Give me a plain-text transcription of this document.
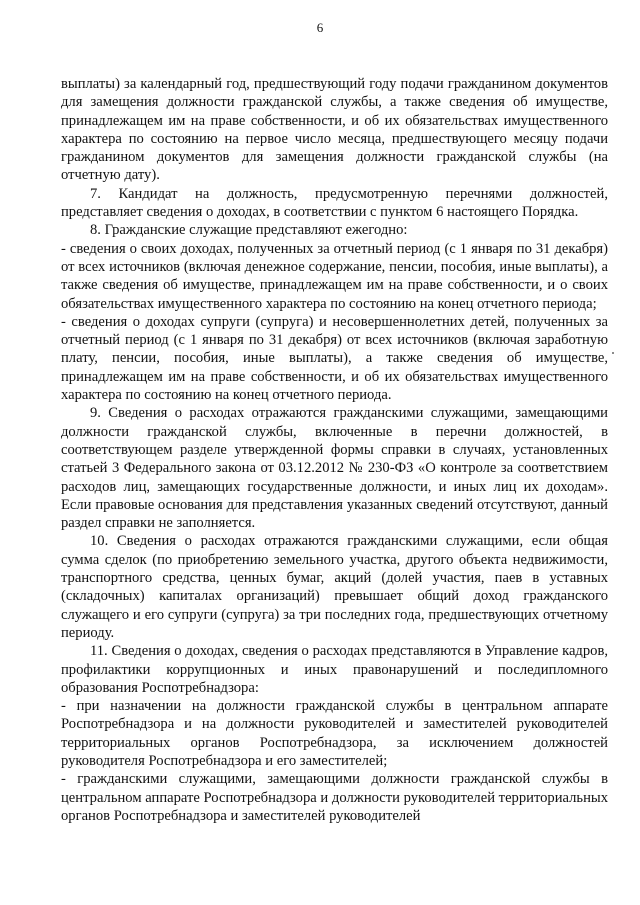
6

выплаты) за календарный год, предшествующий году подачи гражданином документов для замещения должности гражданской службы, а также сведения об имуществе, принадлежащем им на праве собственности, и об их обязательствах имущественного характера по состоянию на первое число месяца, предшествующего месяцу подачи гражданином документов для замещения должности гражданской службы (на отчетную дату).

7. Кандидат на должность, предусмотренную перечнями должностей, представляет сведения о доходах, в соответствии с пунктом 6 настоящего Порядка.

8. Гражданские служащие представляют ежегодно:

- сведения о своих доходах, полученных за отчетный период (с 1 января по 31 декабря) от всех источников (включая денежное содержание, пенсии, пособия, иные выплаты), а также сведения об имуществе, принадлежащем им на праве собственности, и о своих обязательствах имущественного характера по состоянию на конец отчетного периода;

- сведения о доходах супруги (супруга) и несовершеннолетних детей, полученных за отчетный период (с 1 января по 31 декабря) от всех источников (включая заработную плату, пенсии, пособия, иные выплаты), а также сведения об имуществе, принадлежащем им на праве собственности, и об их обязательствах имущественного характера по состоянию на конец отчетного периода.

9. Сведения о расходах отражаются гражданскими служащими, замещающими должности гражданской службы, включенные в перечни должностей, в соответствующем разделе утвержденной формы справки в случаях, установленных статьей 3 Федерального закона от 03.12.2012 № 230-ФЗ «О контроле за соответствием расходов лиц, замещающих государственные должности, и иных лиц их доходам». Если правовые основания для представления указанных сведений отсутствуют, данный раздел справки не заполняется.

10. Сведения о расходах отражаются гражданскими служащими, если общая сумма сделок (по приобретению земельного участка, другого объекта недвижимости, транспортного средства, ценных бумаг, акций (долей участия, паев в уставных (складочных) капиталах организаций) превышает общий доход гражданского служащего и его супруги (супруга) за три последних года, предшествующих отчетному периоду.

11. Сведения о доходах, сведения о расходах представляются в Управление кадров, профилактики коррупционных и иных правонарушений и последипломного образования Роспотребнадзора:

- при назначении на должности гражданской службы в центральном аппарате Роспотребнадзора и на должности руководителей и заместителей руководителей территориальных органов Роспотребнадзора, за исключением должностей руководителя Роспотребнадзора и его заместителей;

- гражданскими служащими, замещающими должности гражданской службы в центральном аппарате Роспотребнадзора и должности руководителей территориальных органов Роспотребнадзора и заместителей руководителей
